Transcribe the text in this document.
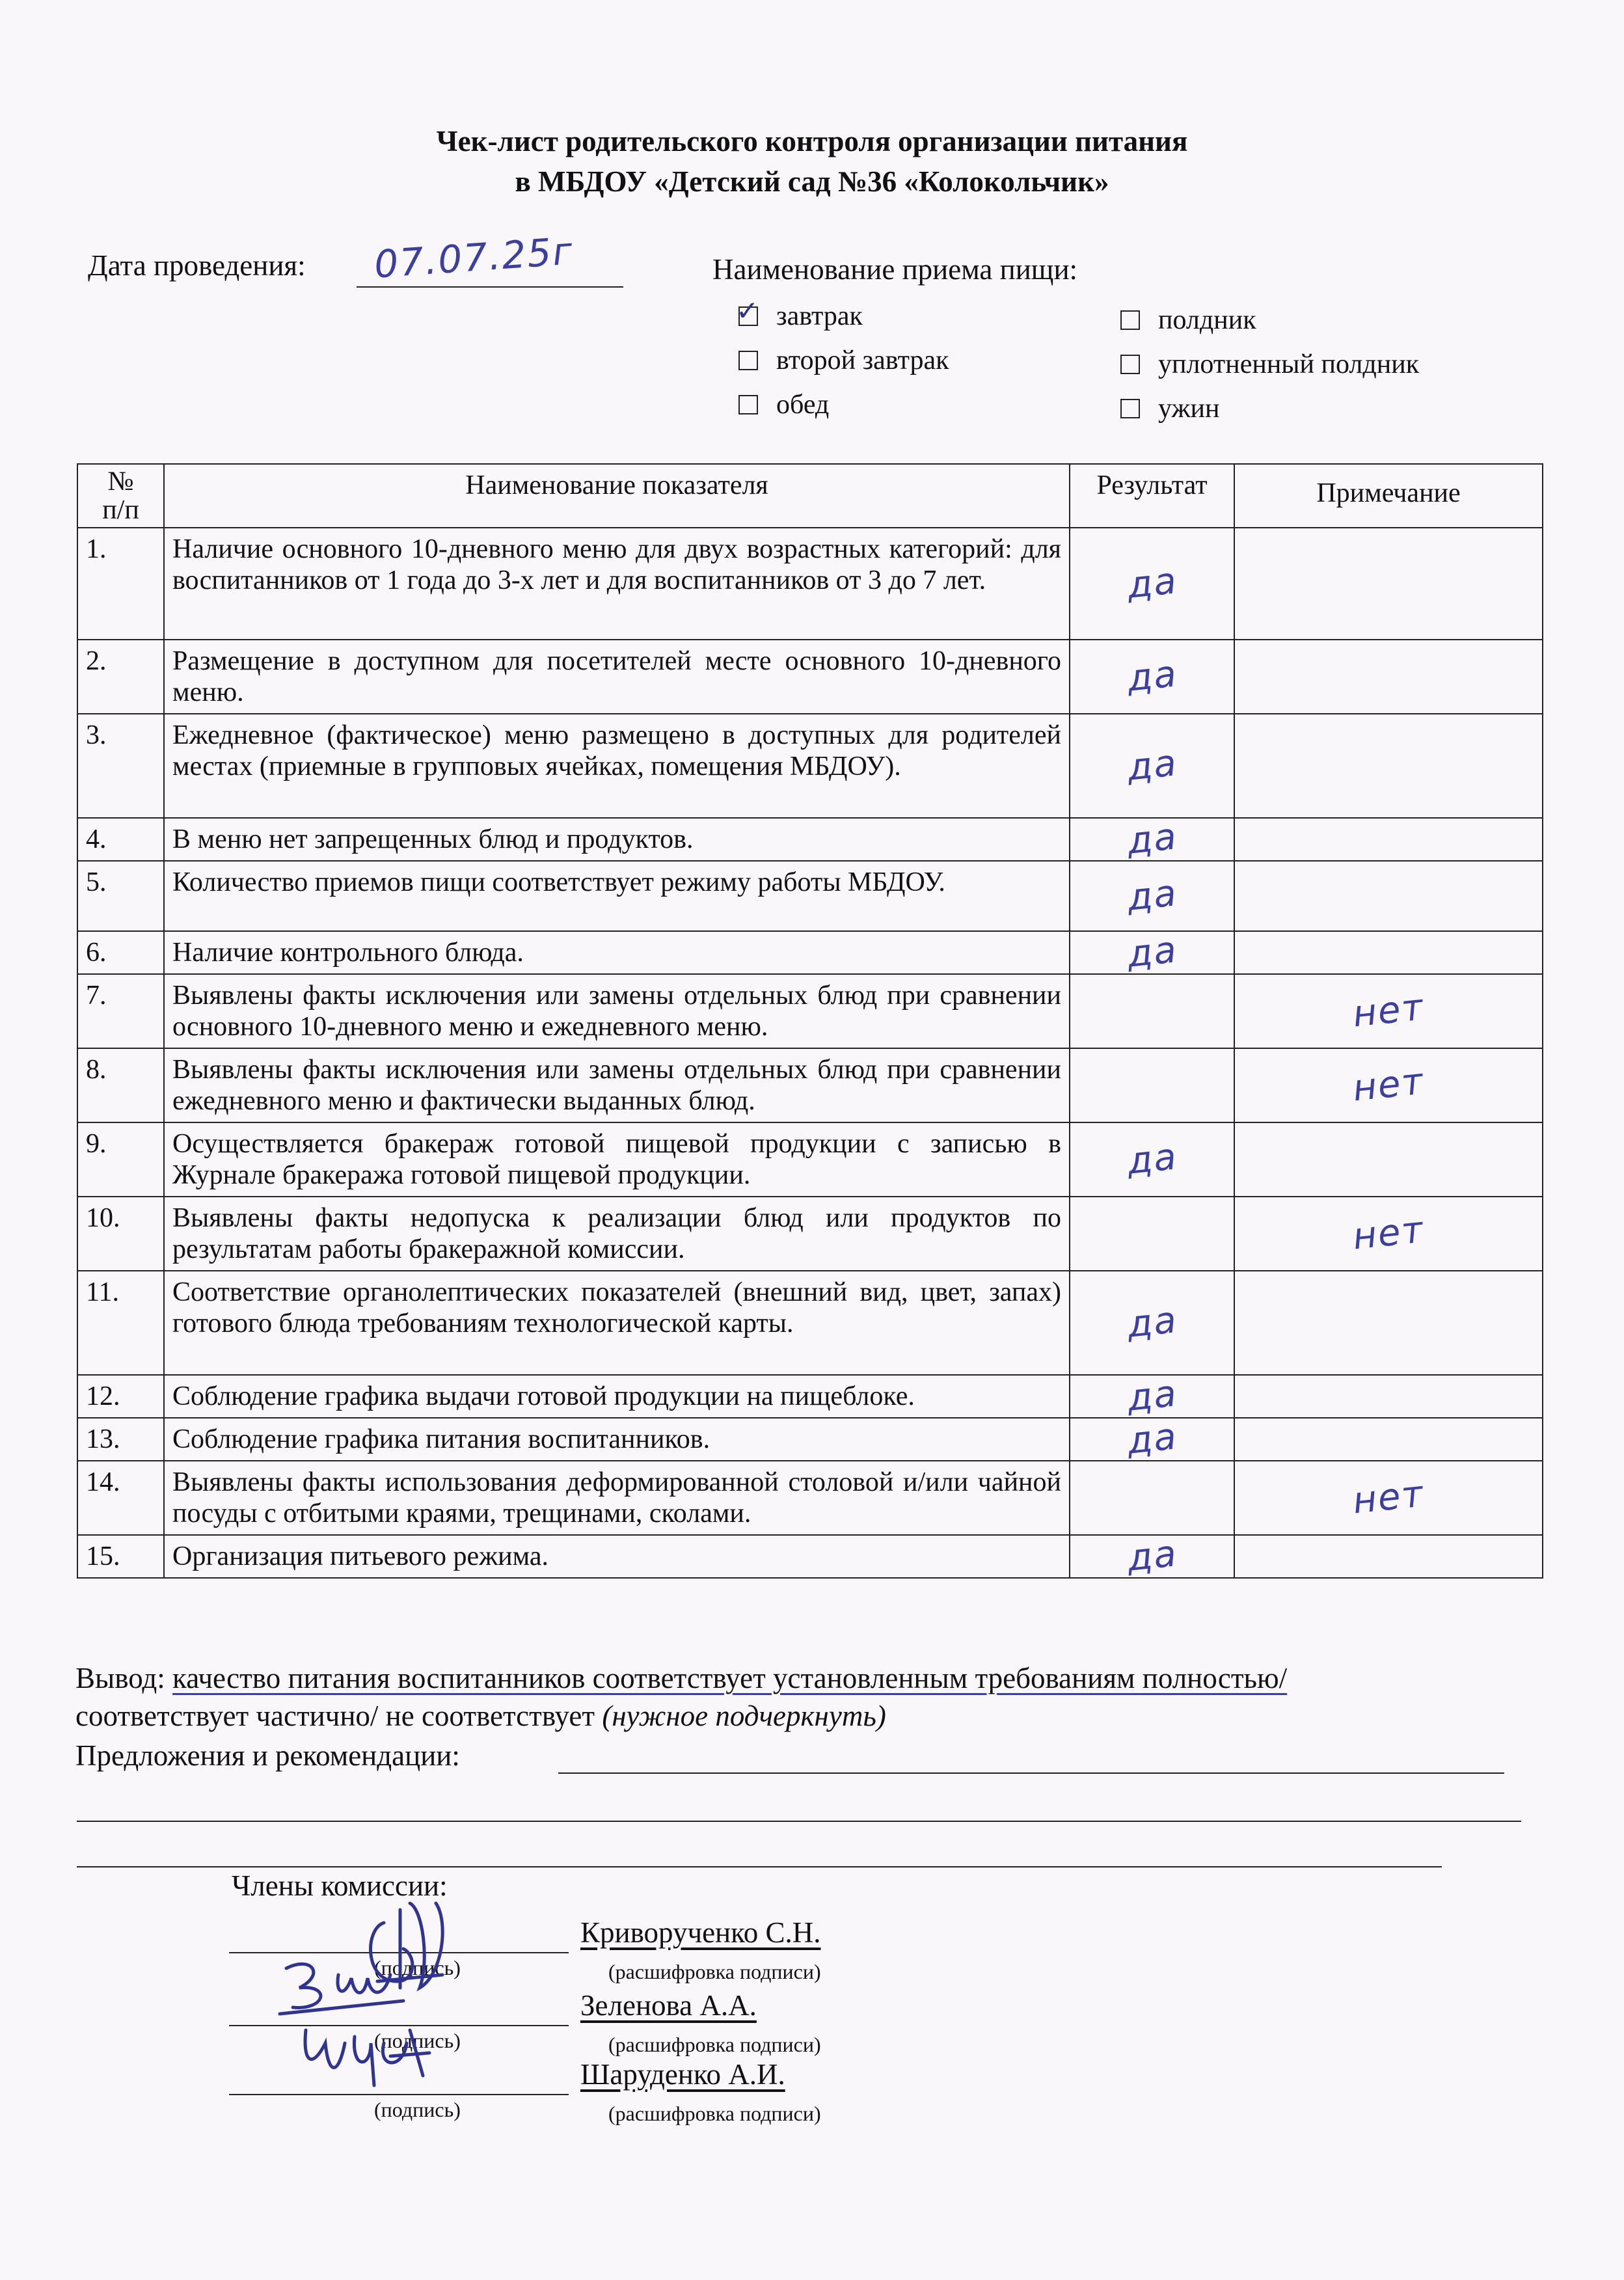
Чек-лист родительского контроля организации питания
в МБДОУ «Детский сад №36 «Колокольчик»
Дата проведения: 07.07.25г	Наименование приема пищи:
✓ завтрак
второй завтрак
обед
полдник
уплотненный полдник
ужин
№ п/п	Наименование показателя	Результат	Примечание
1.	Наличие основного 10-дневного меню для двух возрастных категорий: для воспитанников от 1 года до 3-х лет и для воспитанников от 3 до 7 лет.	да	

2.	Размещение в доступном для посетителей месте основного 10-дневного меню.	да	

3.	Ежедневное (фактическое) меню размещено в доступных для родителей местах (приемные в групповых ячейках, помещения МБДОУ).	да	

4.	В меню нет запрещенных блюд и продуктов.	да	

5.	Количество приемов пищи соответствует режиму работы МБДОУ.	да	

6.	Наличие контрольного блюда.	да	

7.	Выявлены факты исключения или замены отдельных блюд при сравнении основного 10-дневного меню и ежедневного меню.		нет

8.	Выявлены факты исключения или замены отдельных блюд при сравнении ежедневного меню и фактически выданных блюд.		нет

9.	Осуществляется бракераж готовой пищевой продукции с записью в Журнале бракеража готовой пищевой продукции.	да	

10.	Выявлены факты недопуска к реализации блюд или продуктов по результатам работы бракеражной комиссии.		нет

11.	Соответствие органолептических показателей (внешний вид, цвет, запах) готового блюда требованиям технологической карты.	да	

12.	Соблюдение графика выдачи готовой продукции на пищеблоке.	да	

13.	Соблюдение графика питания воспитанников.	да	

14.	Выявлены факты использования деформированной столовой и/или чайной посуды с отбитыми краями, трещинами, сколами.		нет

15.	Организация питьевого режима.	да	

Вывод: качество питания воспитанников соответствует установленным требованиям полностью/
соответствует частично/ не соответствует (нужное подчеркнуть)
Предложения и рекомендации:
Члены комиссии:
(подпись)
Криворученко С.Н.
(расшифровка подписи)
(подпись)
Зеленова А.А.
(расшифровка подписи)
(подпись)
Шаруденко А.И.
(расшифровка подписи)
